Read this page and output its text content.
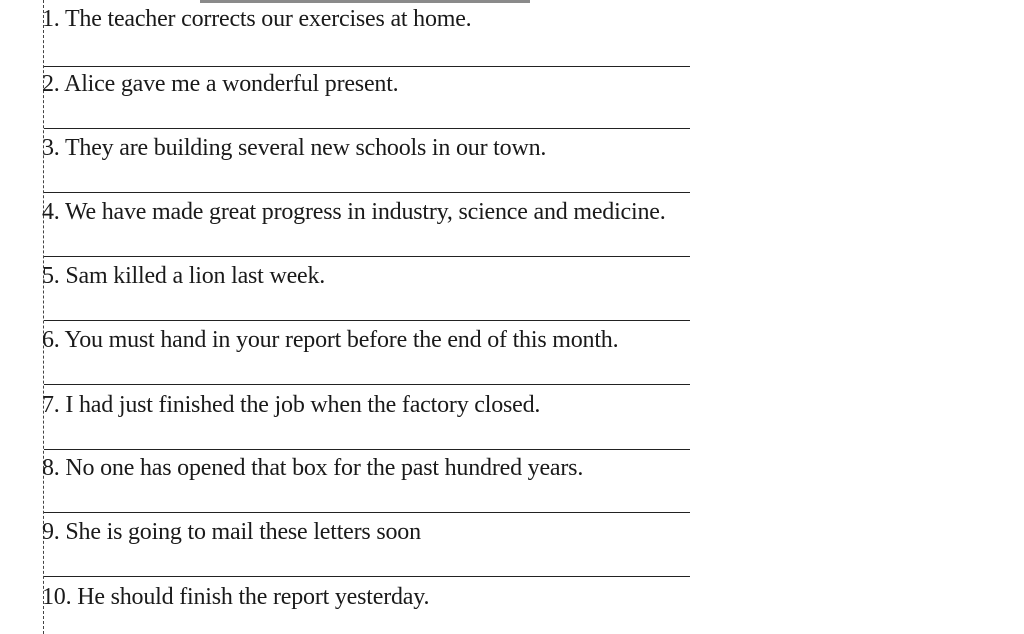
1. The teacher corrects our exercises at home.
2. Alice gave me a wonderful present.
3. They are building several new schools in our town.
4. We have made great progress in industry, science and medicine.
5. Sam killed a lion last week.
6. You must hand in your report before the end of this month.
7. I had just finished the job when the factory closed.
8. No one has opened that box for the past hundred years.
9. She is going to mail these letters soon
10. He should finish the report yesterday.
